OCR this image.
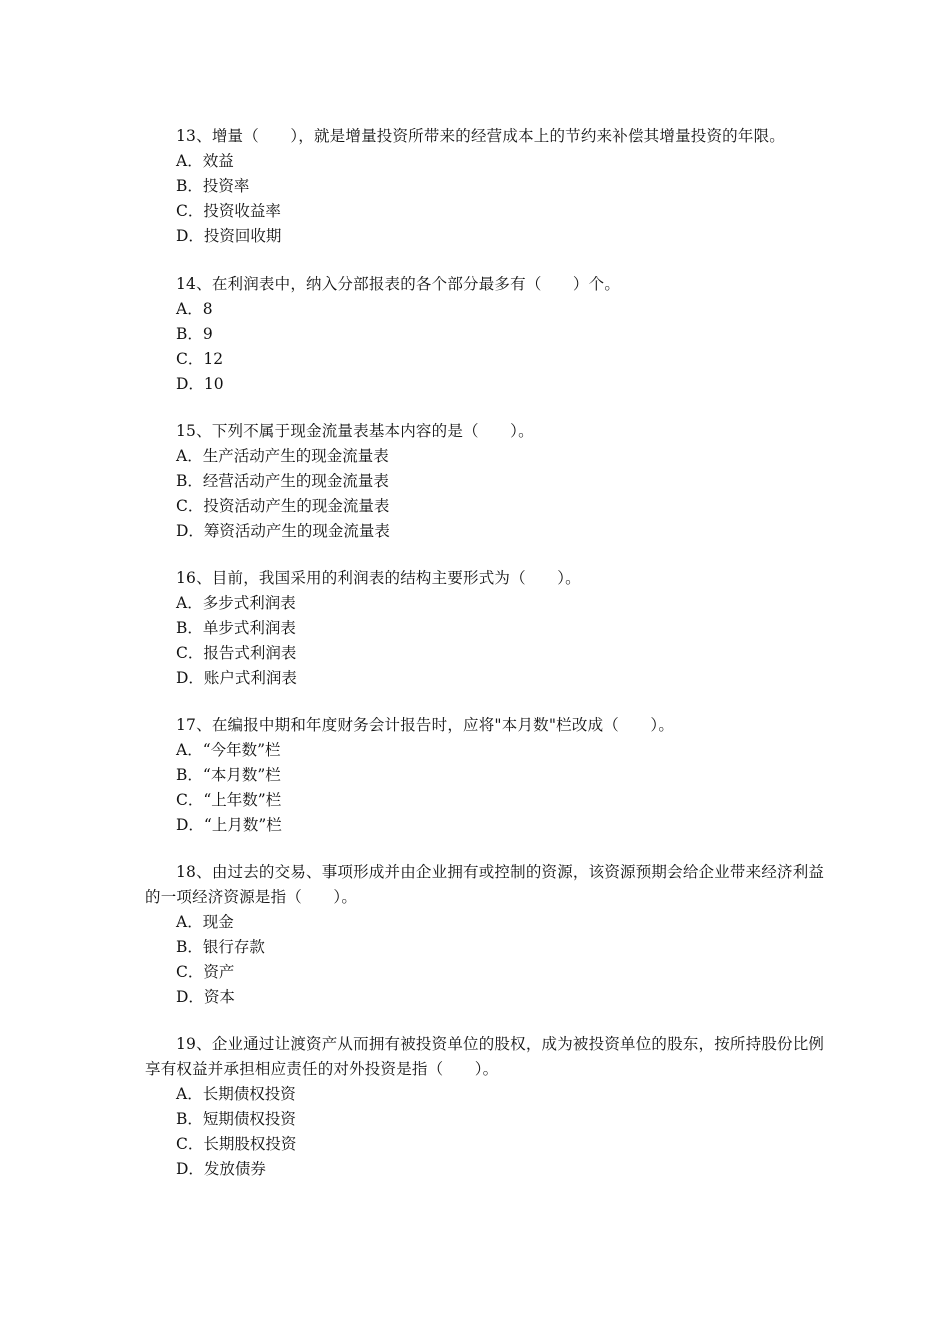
13、增量（　　），就是增量投资所带来的经营成本上的节约来补偿其增量投资的年限。

A．效益

B．投资率

C．投资收益率

D．投资回收期

14、在利润表中，纳入分部报表的各个部分最多有（　　）个。

A．8

B．9

C．12

D．10

15、下列不属于现金流量表基本内容的是（　　）。

A．生产活动产生的现金流量表

B．经营活动产生的现金流量表

C．投资活动产生的现金流量表

D．筹资活动产生的现金流量表

16、目前，我国采用的利润表的结构主要形式为（　　）。

A．多步式利润表

B．单步式利润表

C．报告式利润表

D．账户式利润表

17、在编报中期和年度财务会计报告时，应将"本月数"栏改成（　　）。

A．“今年数”栏

B．“本月数”栏

C．“上年数”栏

D．“上月数”栏

18、由过去的交易、事项形成并由企业拥有或控制的资源，该资源预期会给企业带来经济利益的一项经济资源是指（　　）。

A．现金

B．银行存款

C．资产

D．资本

19、企业通过让渡资产从而拥有被投资单位的股权，成为被投资单位的股东，按所持股份比例享有权益并承担相应责任的对外投资是指（　　）。

A．长期债权投资

B．短期债权投资

C．长期股权投资

D．发放债券
